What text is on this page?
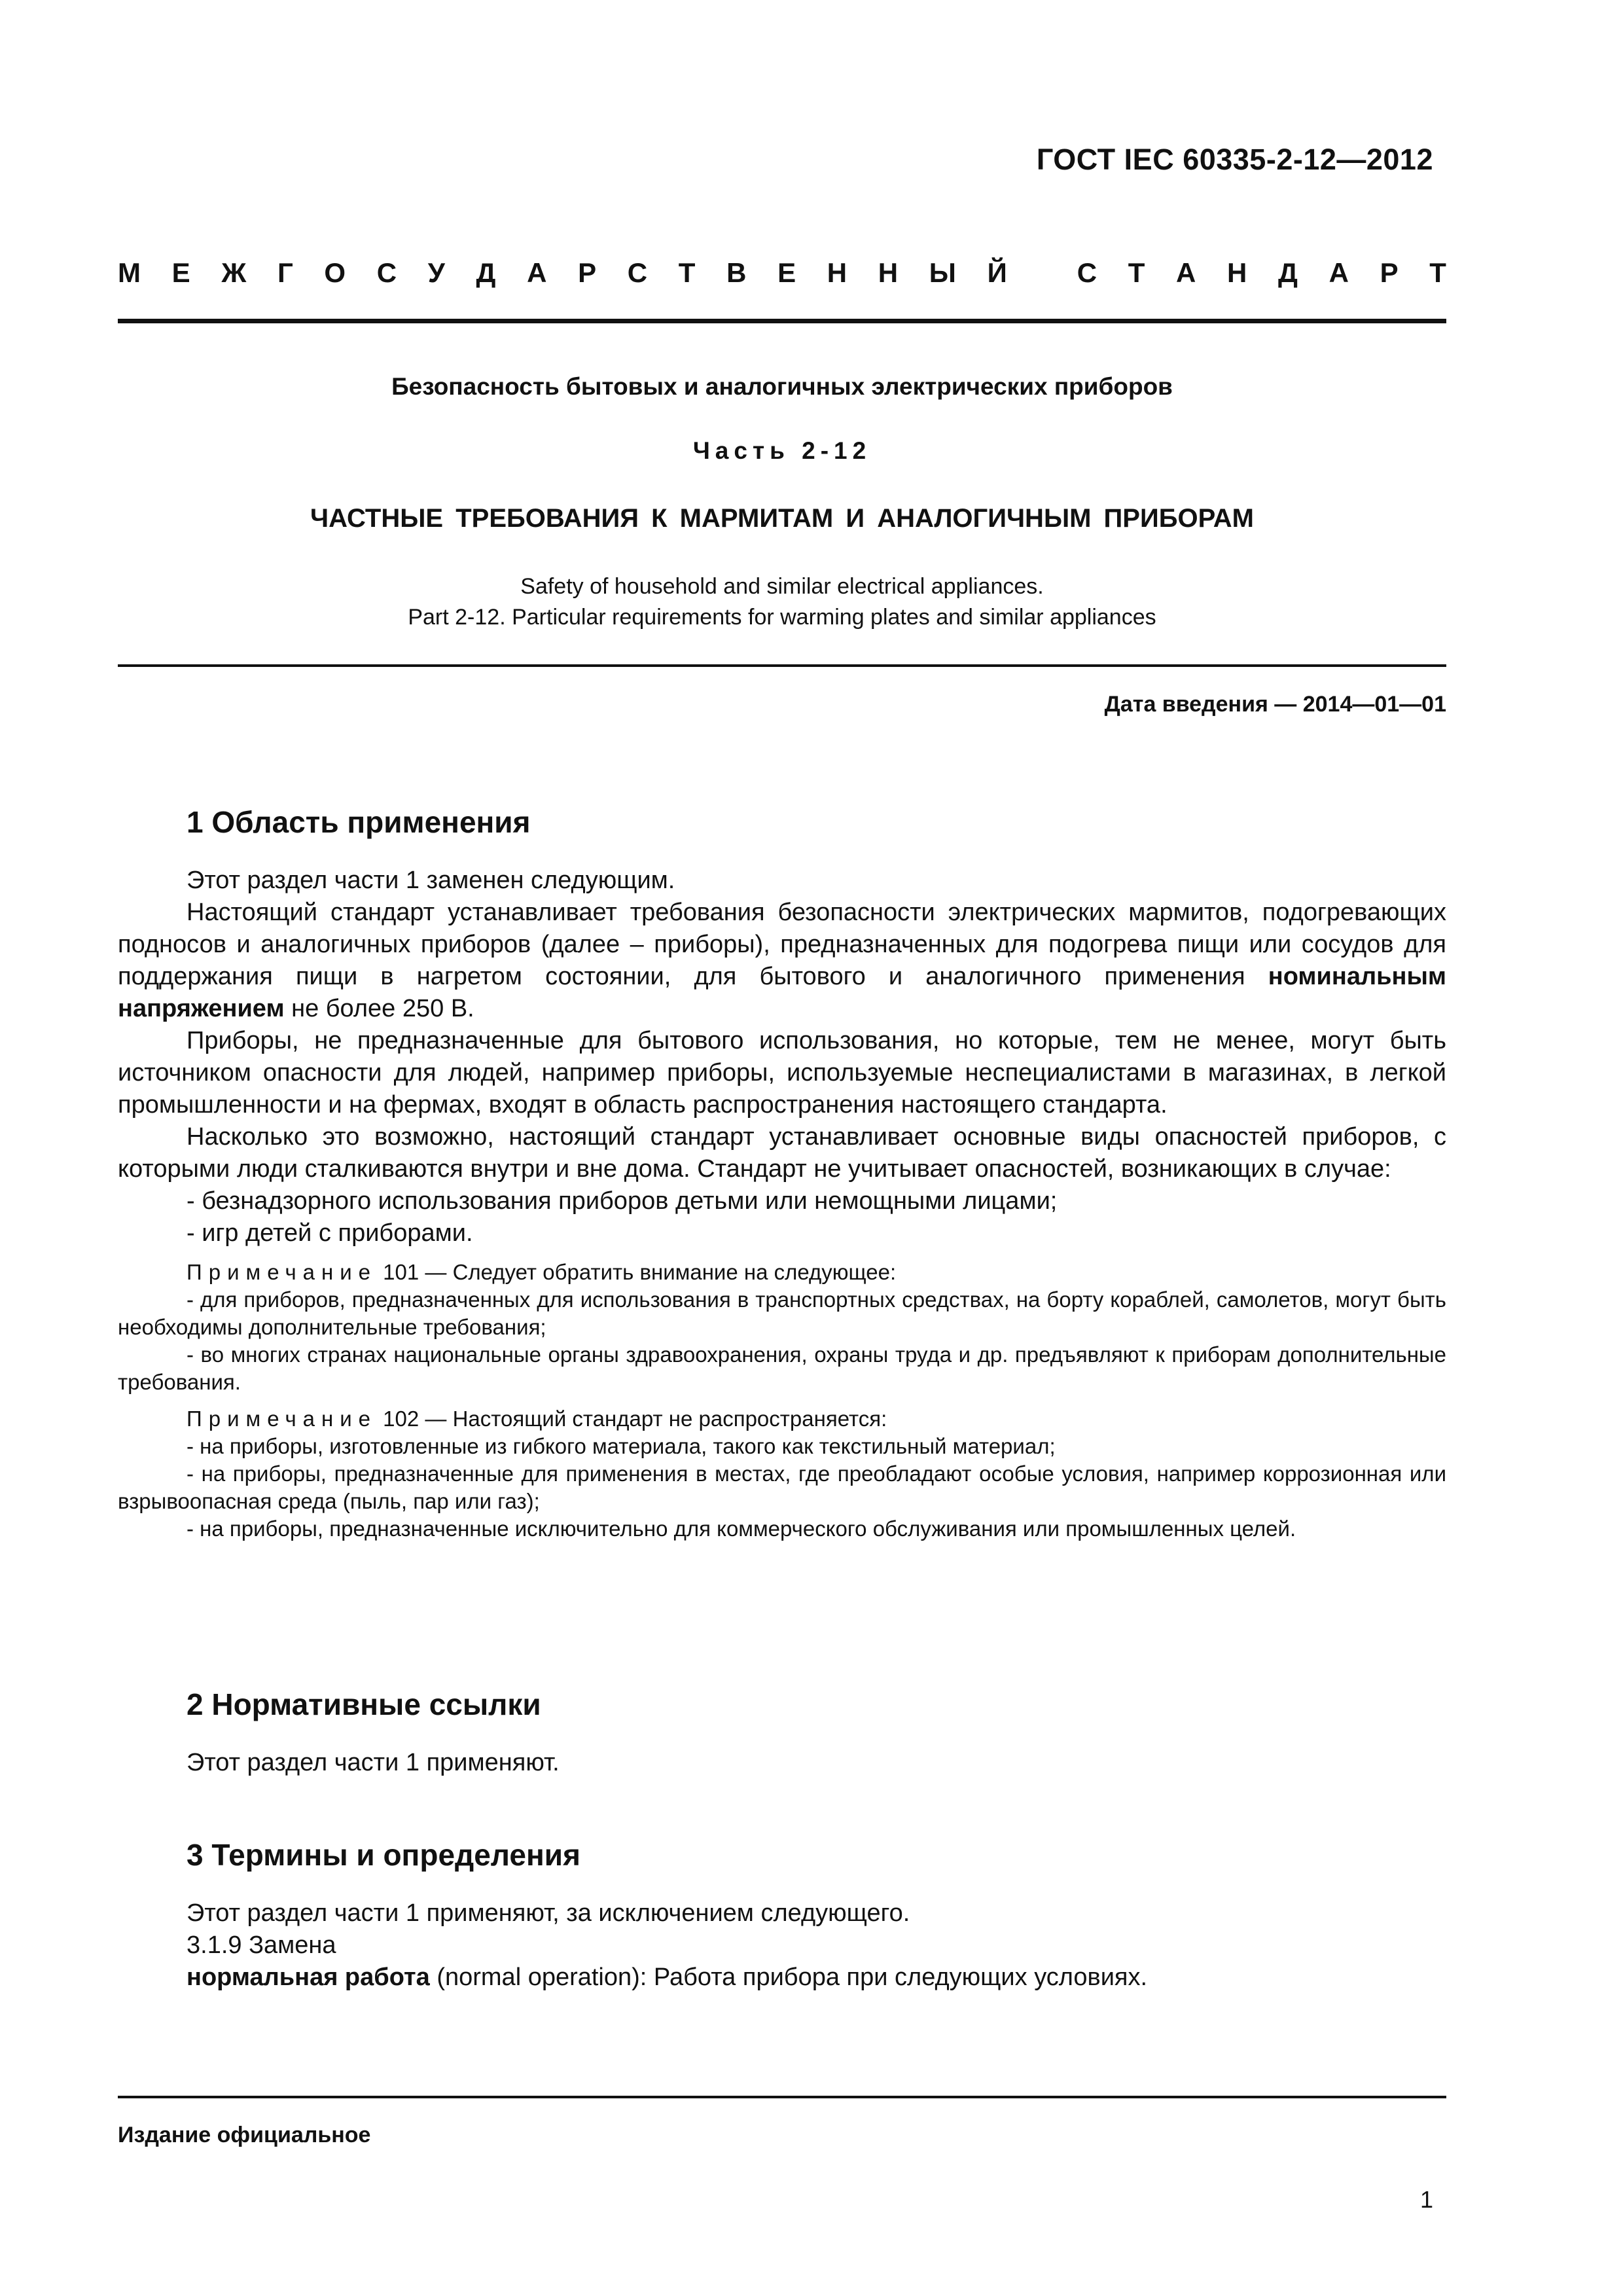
ГОСТ IEC 60335-2-12—2012
М Е Ж Г О С У Д А Р С Т В Е Н Н Ы Й
	С Т А Н Д А Р Т
Безопасность бытовых и аналогичных электрических приборов
Часть 2-12
ЧАСТНЫЕ ТРЕБОВАНИЯ К МАРМИТАМ И АНАЛОГИЧНЫМ ПРИБОРАМ
Safety of household and similar electrical appliances.
Part 2-12. Particular requirements for warming plates and similar appliances
Дата введения — 2014—01—01
1 Область применения
Этот раздел части 1 заменен следующим.
Настоящий стандарт устанавливает требования безопасности электрических мармитов, подогревающих подносов и аналогичных приборов (далее – приборы), предназначенных для подогрева пищи или сосудов для поддержания пищи в нагретом состоянии, для бытового и аналогичного применения номинальным напряжением не более 250 В.
Приборы, не предназначенные для бытового использования, но которые, тем не менее, могут быть источником опасности для людей, например приборы, используемые неспециалистами в магазинах, в легкой промышленности и на фермах, входят в область распространения настоящего стандарта.
Насколько это возможно, настоящий стандарт устанавливает основные виды опасностей приборов, с которыми люди сталкиваются внутри и вне дома. Стандарт не учитывает опасностей, возникающих в случае:
- безнадзорного использования приборов детьми или немощными лицами;
- игр детей с приборами.
Примечание 101 — Следует обратить внимание на следующее:
- для приборов, предназначенных для использования в транспортных средствах, на борту кораблей, самолетов, могут быть необходимы дополнительные требования;
- во многих странах национальные органы здравоохранения, охраны труда и др. предъявляют к приборам дополнительные требования.
Примечание 102 — Настоящий стандарт не распространяется:
- на приборы, изготовленные из гибкого материала, такого как текстильный материал;
- на приборы, предназначенные для применения в местах, где преобладают особые условия, например коррозионная или взрывоопасная среда (пыль, пар или газ);
- на приборы, предназначенные исключительно для коммерческого обслуживания или промышленных целей.
2 Нормативные ссылки
Этот раздел части 1 применяют.
3 Термины и определения
Этот раздел части 1 применяют, за исключением следующего.
3.1.9 Замена
нормальная работа (normal operation): Работа прибора при следующих условиях.
Издание официальное
1
